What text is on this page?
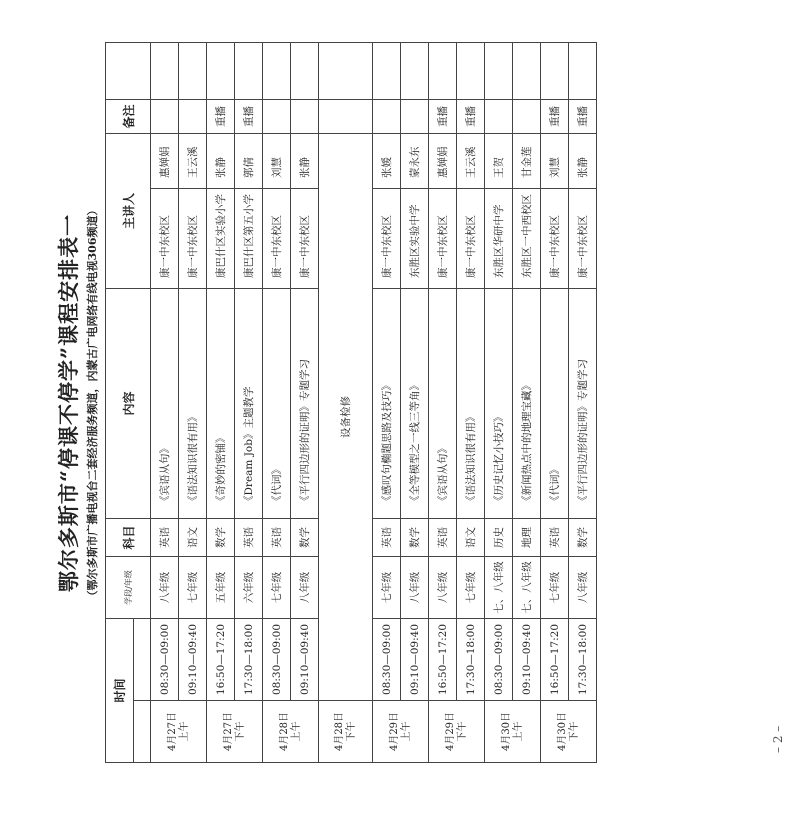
鄂尔多斯市“停课不停学”课程安排表一 （鄂尔多斯市广播电视台二套经济服务频道，内蒙古广电网络有线电视306频道）
时间		学段/年级	科目	内容	主讲人		备注	

4月27日
上午	08:30—09:00	八年级	英语	《宾语从句》	康一中东校区	惠婵娟		
	09:10—09:40	七年级	语文	《语法知识很有用》	康一中东校区	王云溪		
4月27日
下午	16:50—17:20	五年级	数学	《奇妙的密铺》	康巴什区实验小学	张静	重播	
	17:30—18:00	六年级	英语	《Dream Job》主题教学	康巴什区第五小学	郭倩	重播	
4月28日
上午	08:30—09:00	七年级	英语	《代词》	康一中东校区	刘慧		
	09:10—09:40	八年级	数学	《平行四边形的证明》专题学习	康一中东校区	张静		
4月28日
下午	设备检修							
4月29日
上午	08:30—09:00	七年级	英语	《感叹句椭题思路及技巧》	康一中东校区	张媛		
	09:10—09:40	八年级	数学	《全等模型之一线三等角》	东胜区实验中学	蒙永东		
4月29日
下午	16:50—17:20	八年级	英语	《宾语从句》	康一中东校区	惠婵娟	重播	
	17:30—18:00	七年级	语文	《语法知识很有用》	康一中东校区	王云溪	重播	
4月30日
上午	08:30—09:00	七、八年级	历史	《历史记忆小技巧》	东胜区华研中学	王贺		
	09:10—09:40	七、八年级	地理	《新闻热点中的地理宝藏》	东胜区一中西校区	甘金莲		
4月30日
下午	16:50—17:20	七年级	英语	《代词》	康一中东校区	刘慧	重播	
	17:30—18:00	八年级	数学	《平行四边形的证明》专题学习	康一中东校区	张静	重播	
– 2 –
